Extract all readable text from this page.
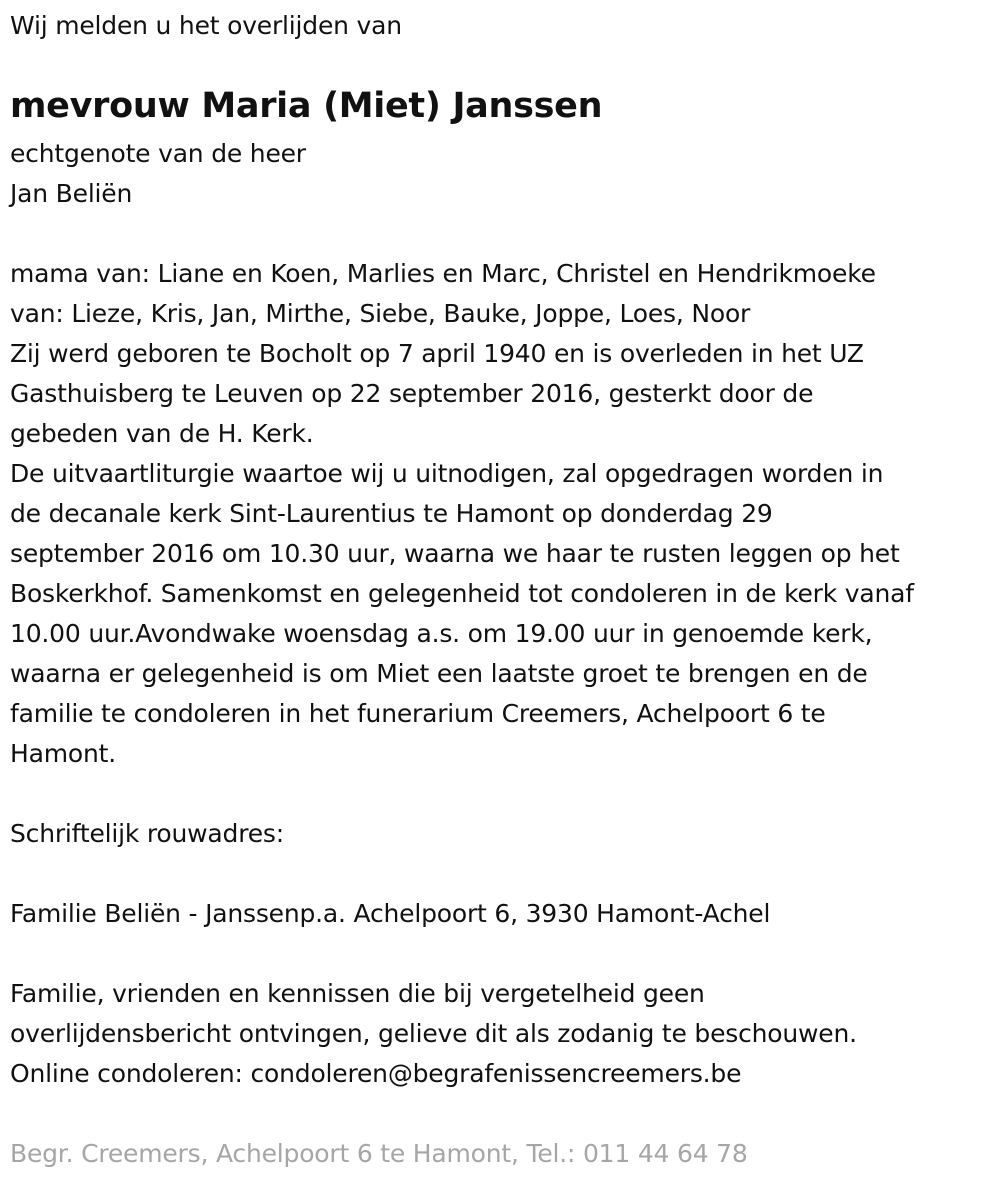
Wij melden u het overlijden van
mevrouw Maria (Miet) Janssen
echtgenote van de heer
Jan Beliën
mama van: Liane en Koen, Marlies en Marc, Christel en Hendrikmoeke
van: Lieze, Kris, Jan, Mirthe, Siebe, Bauke, Joppe, Loes, Noor
Zij werd geboren te Bocholt op 7 april 1940 en is overleden in het UZ
Gasthuisberg te Leuven op 22 september 2016, gesterkt door de
gebeden van de H. Kerk.
De uitvaartliturgie waartoe wij u uitnodigen, zal opgedragen worden in
de decanale kerk Sint-Laurentius te Hamont op donderdag 29
september 2016 om 10.30 uur, waarna we haar te rusten leggen op het
Boskerkhof. Samenkomst en gelegenheid tot condoleren in de kerk vanaf
10.00 uur.Avondwake woensdag a.s. om 19.00 uur in genoemde kerk,
waarna er gelegenheid is om Miet een laatste groet te brengen en de
familie te condoleren in het funerarium Creemers, Achelpoort 6 te
Hamont.
Schriftelijk rouwadres:
Familie Beliën - Janssenp.a. Achelpoort 6, 3930 Hamont-Achel
Familie, vrienden en kennissen die bij vergetelheid geen
overlijdensbericht ontvingen, gelieve dit als zodanig te beschouwen.
Online condoleren: condoleren@begrafenissencreemers.be
Begr. Creemers, Achelpoort 6 te Hamont, Tel.: 011 44 64 78
